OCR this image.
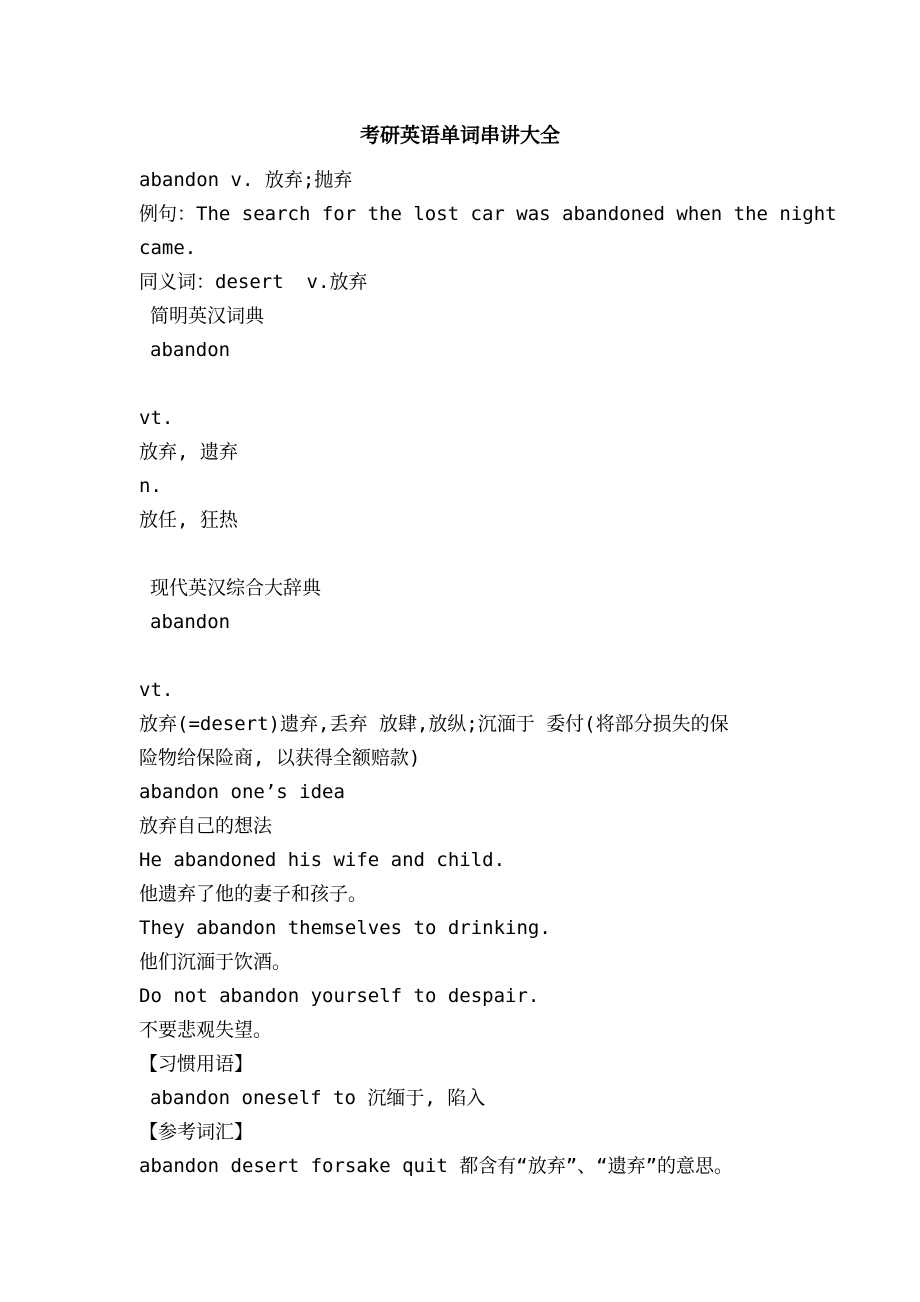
考研英语单词串讲大全
abandon v. 放弃;抛弃
例句：The search for the lost car was abandoned when the night
came.
同义词：desert  v.放弃
简明英汉词典
abandon
vt.
放弃, 遗弃
n.
放任, 狂热
现代英汉综合大辞典
abandon
vt.
放弃(=desert)遗弃,丢弃 放肆,放纵;沉湎于 委付(将部分损失的保
险物给保险商, 以获得全额赔款)
abandon one’s idea
放弃自己的想法
He abandoned his wife and child.
他遗弃了他的妻子和孩子。
They abandon themselves to drinking.
他们沉湎于饮酒。
Do not abandon yourself to despair.
不要悲观失望。
【习惯用语】
abandon oneself to 沉缅于, 陷入
【参考词汇】
abandon desert forsake quit 都含有“放弃”、“遗弃”的意思。
